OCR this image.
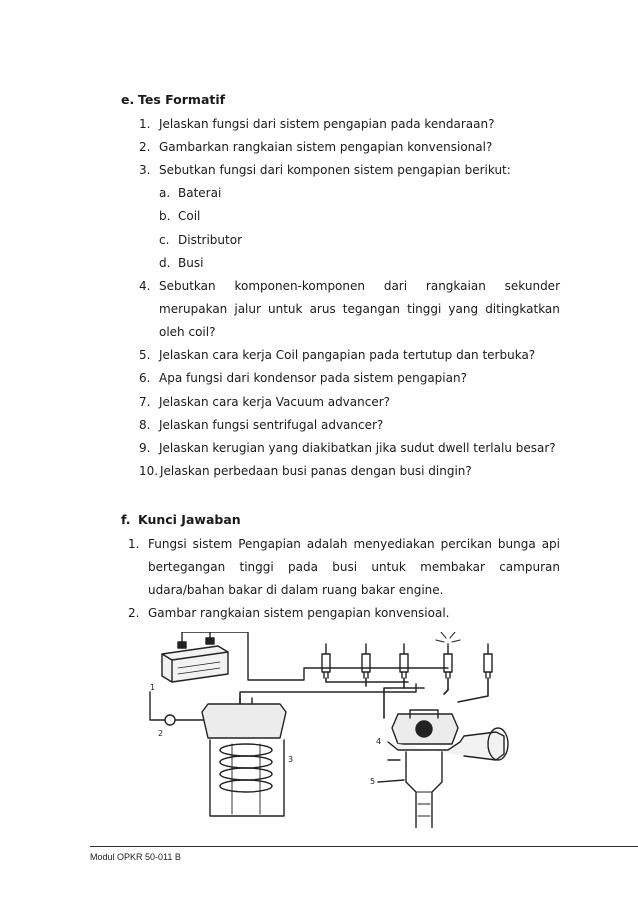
e. Tes Formatif
1. Jelaskan fungsi dari sistem pengapian pada kendaraan?
2. Gambarkan rangkaian sistem pengapian konvensional?
3. Sebutkan fungsi dari komponen sistem pengapian berikut:
a. Baterai
b. Coil
c. Distributor
d. Busi
4. Sebutkan komponen-komponen dari rangkaian sekunder
merupakan jalur untuk arus tegangan tinggi yang ditingkatkan
oleh coil?
5. Jelaskan cara kerja Coil pangapian pada tertutup dan terbuka?
6. Apa fungsi dari kondensor pada sistem pengapian?
7. Jelaskan cara kerja Vacuum advancer?
8. Jelaskan fungsi sentrifugal advancer?
9. Jelaskan kerugian yang diakibatkan jika sudut dwell terlalu besar?
10. Jelaskan perbedaan busi panas dengan busi dingin?
f. Kunci Jawaban
1. Fungsi sistem Pengapian adalah menyediakan percikan bunga api
bertegangan tinggi pada busi untuk membakar campuran
udara/bahan bakar di dalam ruang bakar engine.
2. Gambar rangkaian sistem pengapian konvensioal.
1
2
3
4
5
Modul OPKR 50-011 B
